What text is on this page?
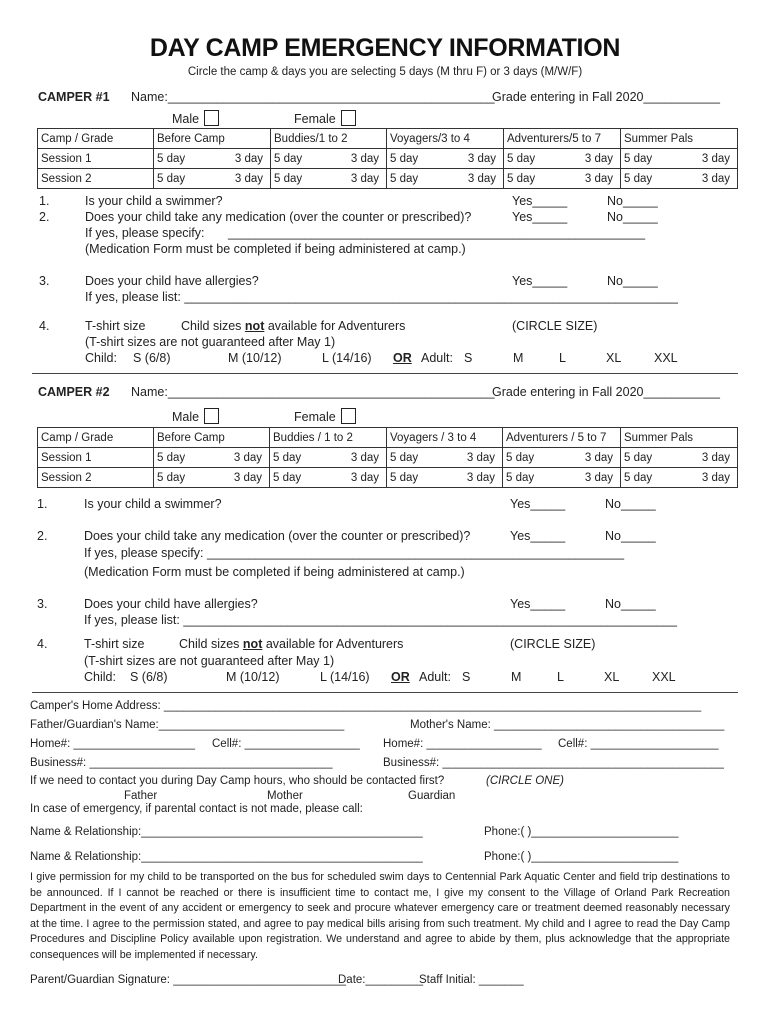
DAY CAMP EMERGENCY INFORMATION
Circle the camp & days you are selecting 5 days (M thru F) or 3 days (M/W/F)
CAMPER #1 Name:_______________________________________________
Grade entering in Fall 2020___________
Male	Female
Camp / Grade	Before Camp	Buddies/1 to 2	Voyagers/3 to 4	Adventurers/5 to 7	Summer Pals
Session 1	5 day 3 day	5 day 3 day	5 day 3 day	5 day 3 day	5 day 3 day

Session 2	5 day 3 day	5 day 3 day	5 day 3 day	5 day 3 day	5 day 3 day
1.	Is your child a swimmer?	Yes_____	No_____
2.	Does your child take any medication (over the counter or prescribed)?	Yes_____	No_____
If yes, please specify: ____________________________________________________________
(Medication Form must be completed if being administered at camp.)
3.	Does your child have allergies?	Yes_____	No_____
If yes, please list: _______________________________________________________________________
4.	T-shirt size	Child sizes not available for Adventurers	(CIRCLE SIZE)
(T-shirt sizes are not guaranteed after May 1)
Child: S (6/8)	M (10/12)	L (14/16) OR Adult: S	M	L	XL	XXL
CAMPER #2 Name:_______________________________________________
Grade entering in Fall 2020___________
Male	Female
Camp / Grade	Before Camp	Buddies / 1 to 2	Voyagers / 3 to 4	Adventurers / 5 to 7	Summer Pals
Session 1	5 day 3 day	5 day 3 day	5 day 3 day	5 day 3 day	5 day 3 day

Session 2	5 day 3 day	5 day 3 day	5 day 3 day	5 day 3 day	5 day 3 day
1.	Is your child a swimmer?	Yes_____	No_____
2.	Does your child take any medication (over the counter or prescribed)?	Yes_____	No_____
If yes, please specify: ____________________________________________________________
(Medication Form must be completed if being administered at camp.)
3.	Does your child have allergies?	Yes_____	No_____
If yes, please list: _______________________________________________________________________
4.	T-shirt size	Child sizes not available for Adventurers	(CIRCLE SIZE)
(T-shirt sizes are not guaranteed after May 1)
Child: S (6/8)	M (10/12)	L (14/16) OR Adult: S	M	L	XL	XXL
Camper's Home Address: ____________________________________________________________________________________
Father/Guardian's Name:_____________________________	Mother's Name: ____________________________________
Home#: ___________________ Cell#: __________________ Home#: __________________ Cell#: ____________________
Business#: ______________________________________	Business#: ____________________________________________
If we need to contact you during Day Camp hours, who should be contacted first?	(CIRCLE ONE)
Father	Mother	Guardian
In case of emergency, if parental contact is not made, please call:
Name & Relationship:____________________________________________	Phone:( )_______________________
Name & Relationship:____________________________________________	Phone:( )_______________________
I give permission for my child to be transported on the bus for scheduled swim days to Centennial Park Aquatic Center and field trip destinations to be announced. If I cannot be reached or there is insufficient time to contact me, I give my consent to the Village of Orland Park Recreation Department in the event of any accident or emergency to seek and procure whatever emergency care or treatment deemed reasonably necessary at the time. I agree to the permission stated, and agree to pay medical bills arising from such treatment. My child and I agree to read the Day Camp Procedures and Discipline Policy available upon registration. We understand and agree to abide by them, plus acknowledge that the appropriate consequences will be implemented if necessary.
Parent/Guardian Signature: ___________________________
Date:_________
Staff Initial: _______
